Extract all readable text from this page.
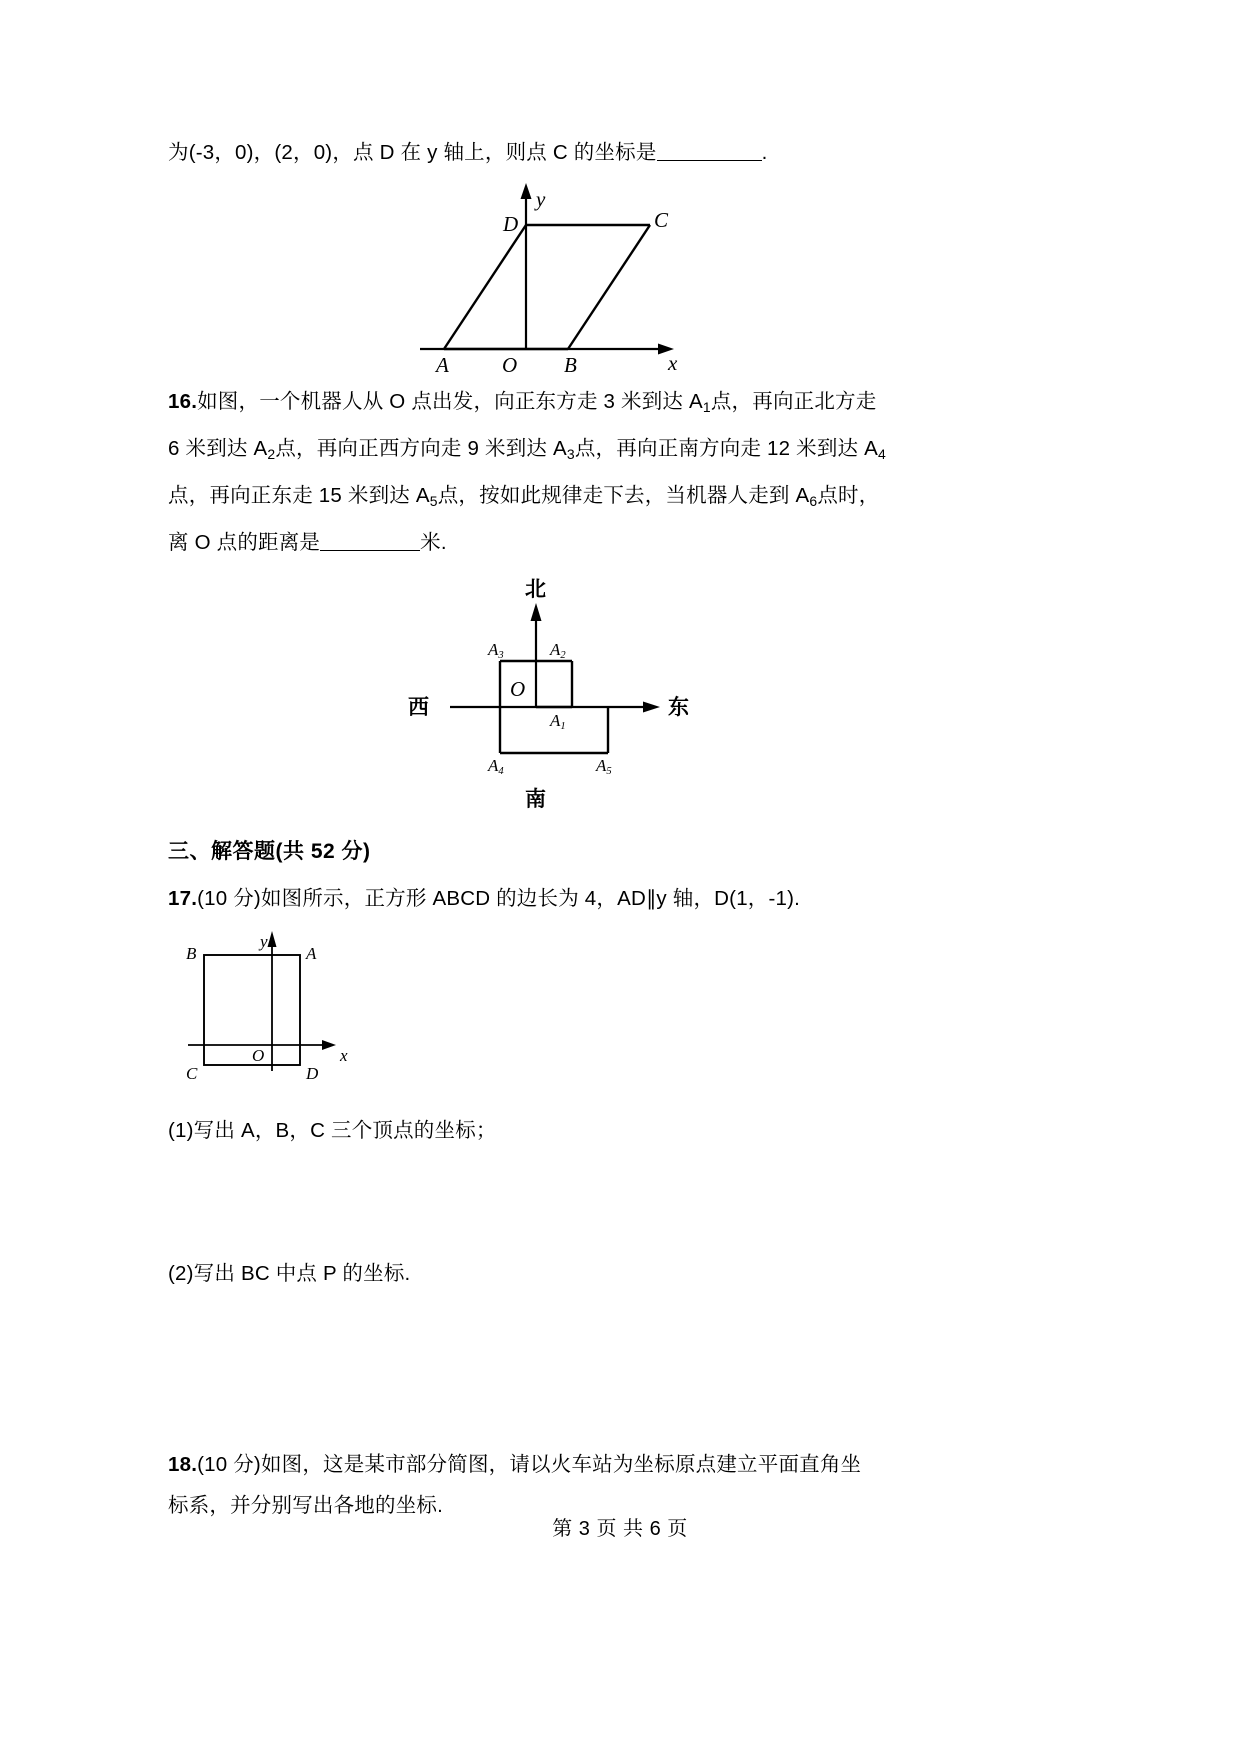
为(-3，0)，(2，0)，点 D 在 y 轴上，则点 C 的坐标是	.
y
x
D	C
A	O B
16.如图，一个机器人从 O 点出发，向正东方走 3 米到达 $A_1$点，再向正北方走
6 米到达 $A_2$点，再向正西方向走 9 米到达 $A_3$点，再向正南方向走 12 米到达 $A_4$
点，再向正东走 15 米到达 $A_5$点，按如此规律走下去，当机器人走到 $A_6$点时，
离 O 点的距离是	米.
北
南
东
西
O
$A_3$	$A_2$
$A_1$
$A_4$	$A_5$
三、解答题(共 52 分)
17.(10 分)如图所示，正方形 ABCD 的边长为 4，AD∥y 轴，D(1，-1).
y
x
B	A
C	D
O
(1)写出 A，B，C 三个顶点的坐标；
(2)写出 BC 中点 P 的坐标.
18.(10 分)如图，这是某市部分简图，请以火车站为坐标原点建立平面直角坐
标系，并分别写出各地的坐标.
第 3 页 共 6 页
